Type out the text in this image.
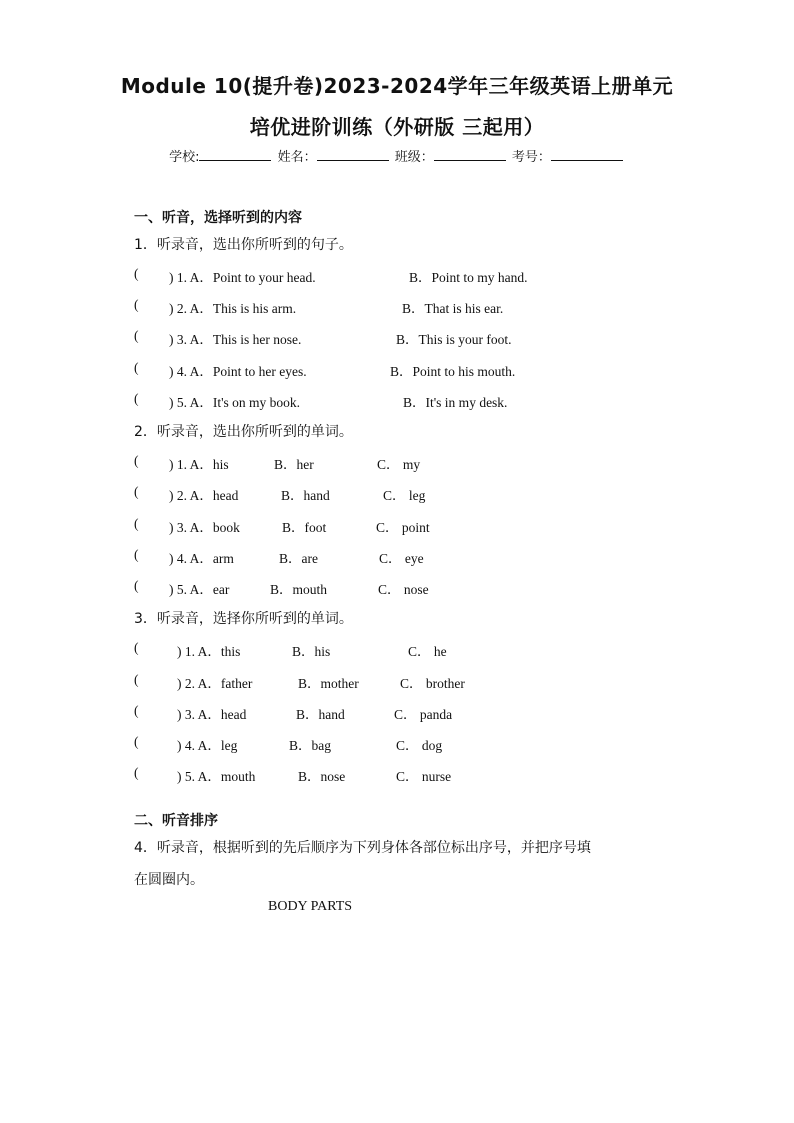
Module 10(提升卷)2023-2024学年三年级英语上册单元
培优进阶训练（外研版 三起用）
学校:	姓名：	班级：	考号：
一、听音，选择听到的内容
1．听录音，选出你所听到的句子。
( ) 1. A．Point to your head.	B．Point to my hand.
( ) 2. A．This is his arm.	B．That is his ear.
( ) 3. A．This is her nose.	B．This is your foot.
( ) 4. A．Point to her eyes.	B．Point to his mouth.
( ) 5. A．It's on my book.	B．It's in my desk.
2．听录音，选出你所听到的单词。
( ) 1. A．his	B．her	C． my
( ) 2. A．head	B．hand	C． leg
( ) 3. A．book	B．foot	C． point
( ) 4. A．arm	B．are	C． eye
( ) 5. A．ear	B．mouth	C． nose
3．听录音，选择你所听到的单词。
(	) 1. A．this	B．his	C． he
(	) 2. A．father	B．mother	C． brother
(	) 3. A．head	B．hand	C． panda
(	) 4. A．leg	B．bag	C． dog
(	) 5. A．mouth	B．nose	C． nurse
二、听音排序
4．听录音，根据听到的先后顺序为下列身体各部位标出序号，并把序号填
在圆圈内。
BODY PARTS
